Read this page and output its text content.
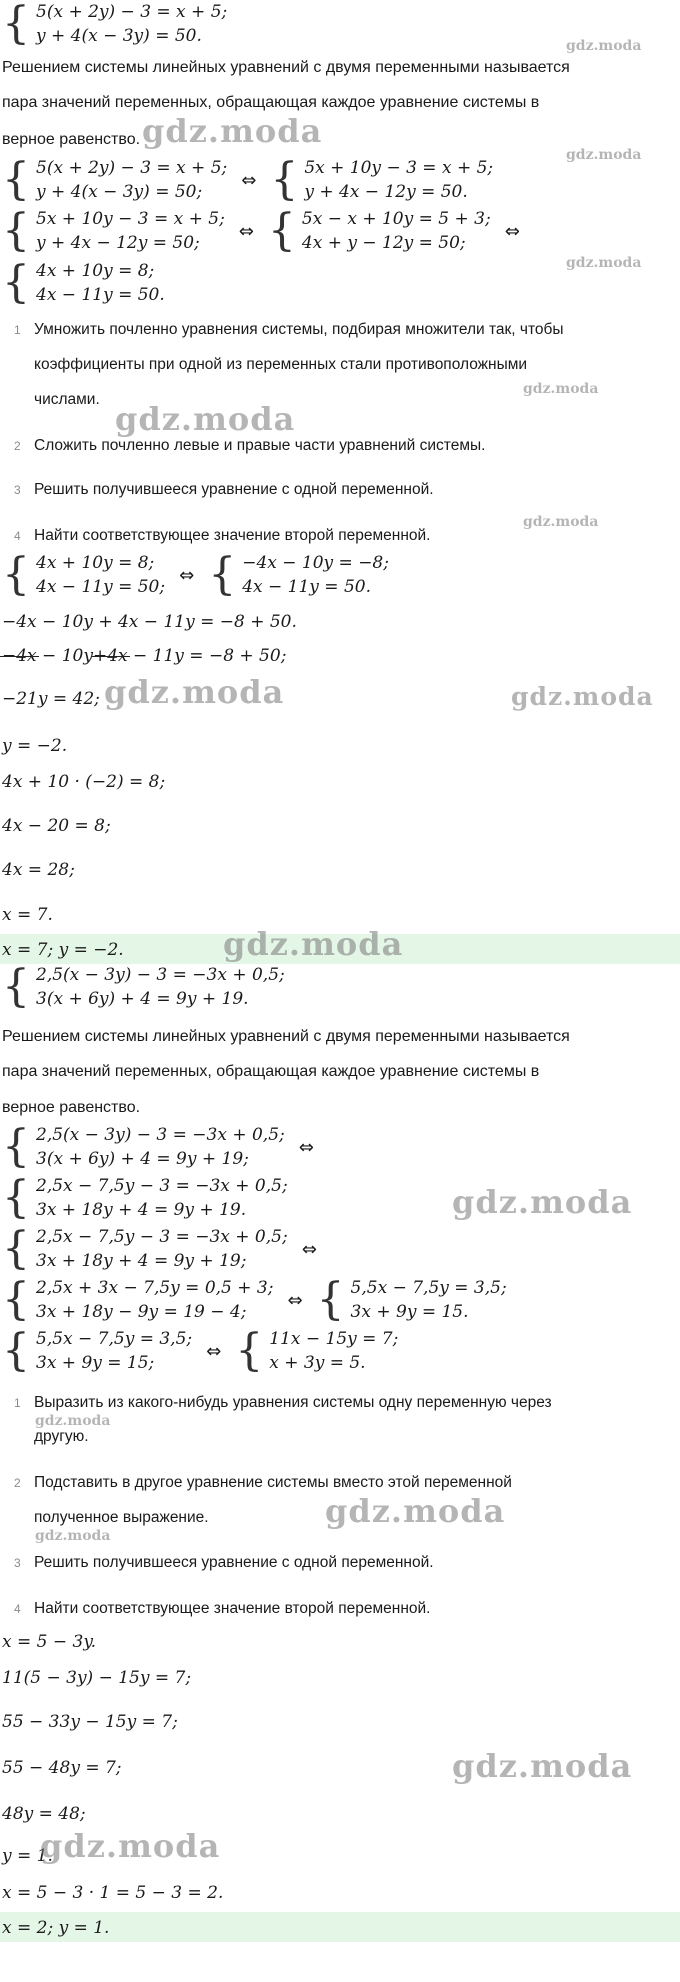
{ 5(x + 2y) − 3 = x + 5;
y + 4(x − 3y) = 50.
Решением системы линейных уравнений с двумя переменными называется
пара значений переменных, обращающая каждое уравнение системы в
верное равенство.
{ 5(x + 2y) − 3 = x + 5;
y + 4(x − 3y) = 50;
⇔ { 5x + 10y − 3 = x + 5;
y + 4x − 12y = 50.
{ 5x + 10y − 3 = x + 5;
y + 4x − 12y = 50;
⇔ { 5x − x + 10y = 5 + 3;
4x + y − 12y = 50;
⇔
{ 4x + 10y = 8;
4x − 11y = 50.
1 Умножить почленно уравнения системы, подбирая множители так, чтобы
коэффициенты при одной из переменных стали противоположными
числами.
2 Сложить почленно левые и правые части уравнений системы.
3 Решить получившееся уравнение с одной переменной.
4 Найти соответствующее значение второй переменной.
{ 4x + 10y = 8;
4x − 11y = 50;
⇔ { −4x − 10y = −8;
4x − 11y = 50.
−4x − 10y + 4x − 11y = −8 + 50.
−4x − 10y+4x − 11y = −8 + 50;
−21y = 42;
y = −2.
4x + 10 · (−2) = 8;
4x − 20 = 8;
4x = 28;
x = 7.
x = 7; y = −2.
{ 2,5(x − 3y) − 3 = −3x + 0,5;
3(x + 6y) + 4 = 9y + 19.
Решением системы линейных уравнений с двумя переменными называется
пара значений переменных, обращающая каждое уравнение системы в
верное равенство.
{ 2,5(x − 3y) − 3 = −3x + 0,5;
3(x + 6y) + 4 = 9y + 19;
⇔
{ 2,5x − 7,5y − 3 = −3x + 0,5;
3x + 18y + 4 = 9y + 19.
{ 2,5x − 7,5y − 3 = −3x + 0,5;
3x + 18y + 4 = 9y + 19;
⇔
{ 2,5x + 3x − 7,5y = 0,5 + 3;
3x + 18y − 9y = 19 − 4;
⇔ { 5,5x − 7,5y = 3,5;
3x + 9y = 15.
{ 5,5x − 7,5y = 3,5;
3x + 9y = 15;
⇔ { 11x − 15y = 7;
x + 3y = 5.
1 Выразить из какого-нибудь уравнения системы одну переменную через
другую.
2 Подставить в другое уравнение системы вместо этой переменной
полученное выражение.
3 Решить получившееся уравнение с одной переменной.
4 Найти соответствующее значение второй переменной.
x = 5 − 3y.
11(5 − 3y) − 15y = 7;
55 − 33y − 15y = 7;
55 − 48y = 7;
48y = 48;
y = 1.
x = 5 − 3 · 1 = 5 − 3 = 2.
x = 2; y = 1.
gdz.moda
gdz.moda
gdz.moda
gdz.moda
gdz.moda
gdz.moda
gdz.moda
gdz.moda	gdz.moda
gdz.moda
gdz.moda
gdz.moda
gdz.moda
gdz.moda
gdz.moda
gdz.moda
